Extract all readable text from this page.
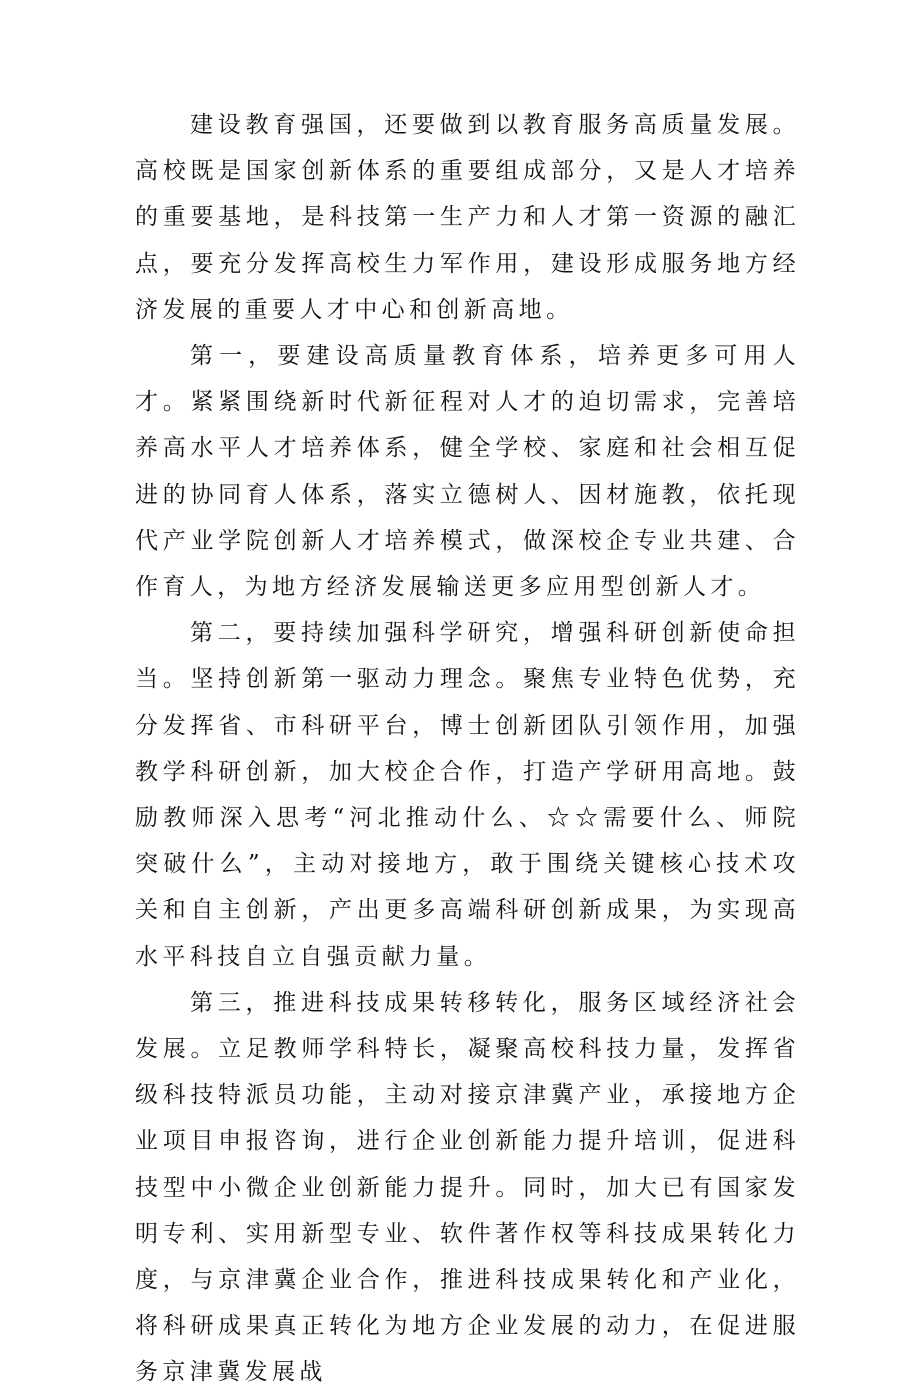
建设教育强国，还要做到以教育服务高质量发展。高校既是国家创新体系的重要组成部分，又是人才培养的重要基地，是科技第一生产力和人才第一资源的融汇点，要充分发挥高校生力军作用，建设形成服务地方经济发展的重要人才中心和创新高地。

第一，要建设高质量教育体系，培养更多可用人才。紧紧围绕新时代新征程对人才的迫切需求，完善培养高水平人才培养体系，健全学校、家庭和社会相互促进的协同育人体系，落实立德树人、因材施教，依托现代产业学院创新人才培养模式，做深校企专业共建、合作育人，为地方经济发展输送更多应用型创新人才。

第二，要持续加强科学研究，增强科研创新使命担当。坚持创新第一驱动力理念。聚焦专业特色优势，充分发挥省、市科研平台，博士创新团队引领作用，加强教学科研创新，加大校企合作，打造产学研用高地。鼓励教师深入思考“河北推动什么、☆☆需要什么、师院突破什么”，主动对接地方，敢于围绕关键核心技术攻关和自主创新，产出更多高端科研创新成果，为实现高水平科技自立自强贡献力量。

第三，推进科技成果转移转化，服务区域经济社会发展。立足教师学科特长，凝聚高校科技力量，发挥省级科技特派员功能，主动对接京津冀产业，承接地方企业项目申报咨询，进行企业创新能力提升培训，促进科技型中小微企业创新能力提升。同时，加大已有国家发明专利、实用新型专业、软件著作权等科技成果转化力度，与京津冀企业合作，推进科技成果转化和产业化，将科研成果真正转化为地方企业发展的动力，在促进服务京津冀发展战
